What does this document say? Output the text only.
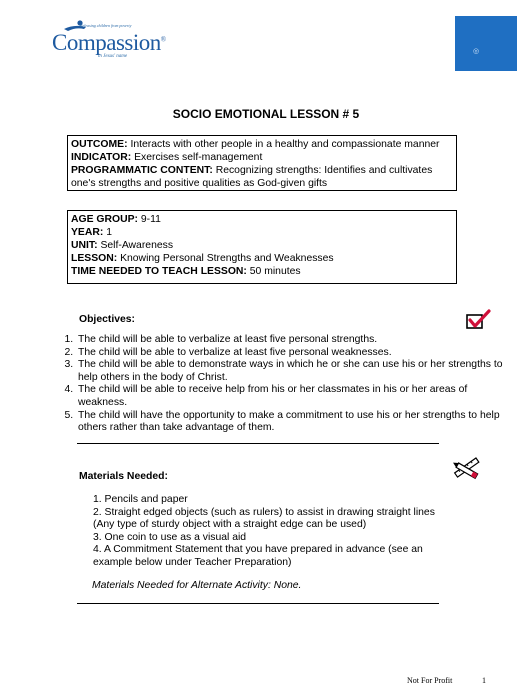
Releasing children from poverty
Compassion®
in Jesus' name
◎
SOCIO EMOTIONAL LESSON # 5
OUTCOME: Interacts with other people in a healthy and compassionate manner
INDICATOR: Exercises self-management
PROGRAMMATIC CONTENT: Recognizing strengths: Identifies and cultivates one's strengths and positive qualities as God-given gifts
AGE GROUP: 9-11
YEAR: 1
UNIT: Self-Awareness
LESSON: Knowing Personal Strengths and Weaknesses
TIME NEEDED TO TEACH LESSON: 50 minutes
Objectives:
1. The child will be able to verbalize at least five personal strengths.
2. The child will be able to verbalize at least five personal weaknesses.
3. The child will be able to demonstrate ways in which he or she can use his or her strengths to help others in the body of Christ.
4. The child will be able to receive help from his or her classmates in his or her areas of weakness.
5. The child will have the opportunity to make a commitment to use his or her strengths to help others rather than take advantage of them.
Materials Needed:
1. Pencils and paper
2. Straight edged objects (such as rulers) to assist in drawing straight lines (Any type of sturdy object with a straight edge can be used)
3. One coin to use as a visual aid
4. A Commitment Statement that you have prepared in advance (see an example below under Teacher Preparation)
Materials Needed for Alternate Activity: None.
Not For Profit	1
